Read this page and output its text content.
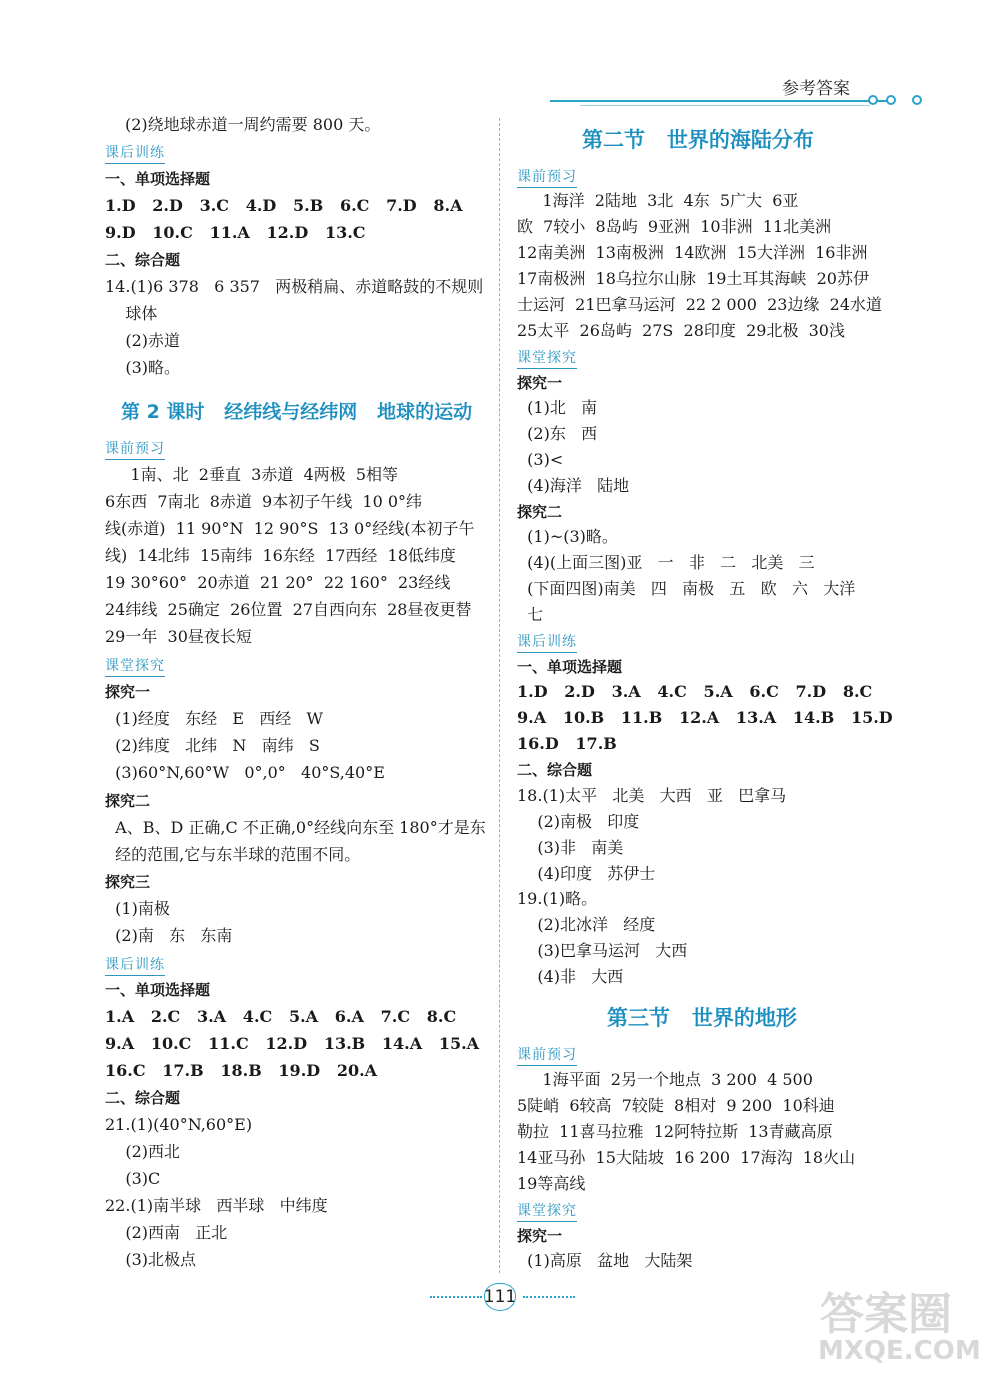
参考答案
(2)绕地球赤道一周约需要 800 天。
课后训练
一、单项选择题
1.D   2.D   3.C   4.D   5.B   6.C   7.D   8.A
9.D   10.C   11.A   12.D   13.C
二、综合题
14.(1)6 378   6 357   两极稍扁、赤道略鼓的不规则
球体
(2)赤道
(3)略。
第 2 课时   经纬线与经纬网   地球的运动
课前预习
1南、北  2垂直  3赤道  4两极  5相等
6东西  7南北  8赤道  9本初子午线  10 0°纬
线(赤道)  11 90°N  12 90°S  13 0°经线(本初子午
线)  14北纬  15南纬  16东经  17西经  18低纬度
19 30°60°  20赤道  21 20°  22 160°  23经线
24纬线  25确定  26位置  27自西向东  28昼夜更替
29一年  30昼夜长短
课堂探究
探究一
(1)经度   东经   E   西经   W
(2)纬度   北纬   N   南纬   S
(3)60°N,60°W   0°,0°   40°S,40°E
探究二
A、B、D 正确,C 不正确,0°经线向东至 180°才是东
经的范围,它与东半球的范围不同。
探究三
(1)南极
(2)南   东   东南
课后训练
一、单项选择题
1.A   2.C   3.A   4.C   5.A   6.A   7.C   8.C
9.A   10.C   11.C   12.D   13.B   14.A   15.A
16.C   17.B   18.B   19.D   20.A
二、综合题
21.(1)(40°N,60°E)
(2)西北
(3)C
22.(1)南半球   西半球   中纬度
(2)西南   正北
(3)北极点
第二节   世界的海陆分布
课前预习
1海洋  2陆地  3北  4东  5广大  6亚
欧  7较小  8岛屿  9亚洲  10非洲  11北美洲
12南美洲  13南极洲  14欧洲  15大洋洲  16非洲
17南极洲  18乌拉尔山脉  19土耳其海峡  20苏伊
士运河  21巴拿马运河  22 2 000  23边缘  24水道
25太平  26岛屿  27S  28印度  29北极  30浅
课堂探究
探究一
(1)北   南
(2)东   西
(3)<
(4)海洋   陆地
探究二
(1)~(3)略。
(4)(上面三图)亚   一   非   二   北美   三
(下面四图)南美   四   南极   五   欧   六   大洋
七
课后训练
一、单项选择题
1.D   2.D   3.A   4.C   5.A   6.C   7.D   8.C
9.A   10.B   11.B   12.A   13.A   14.B   15.D
16.D   17.B
二、综合题
18.(1)太平   北美   大西   亚   巴拿马
(2)南极   印度
(3)非   南美
(4)印度   苏伊士
19.(1)略。
(2)北冰洋   经度
(3)巴拿马运河   大西
(4)非   大西
第三节   世界的地形
课前预习
1海平面  2另一个地点  3 200  4 500
5陡峭  6较高  7较陡  8相对  9 200  10科迪
勒拉  11喜马拉雅  12阿特拉斯  13青藏高原
14亚马孙  15大陆坡  16 200  17海沟  18火山
19等高线
课堂探究
探究一
(1)高原   盆地   大陆架
111	答案圈
MXQE.COM
